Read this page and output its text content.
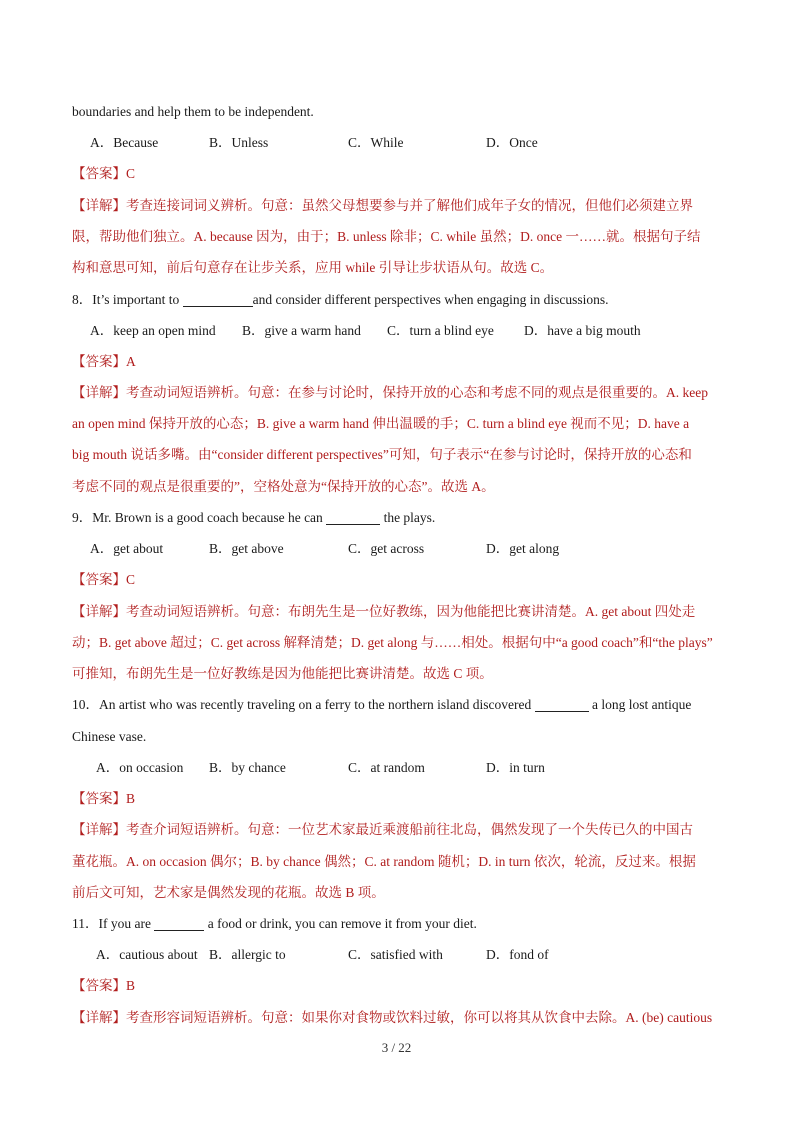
boundaries and help them to be independent.
A．Because	B．Unless	C．While	D．Once
【答案】C
【详解】考查连接词词义辨析。句意：虽然父母想要参与并了解他们成年子女的情况，但他们必须建立界
限，帮助他们独立。A. because 因为，由于；B. unless 除非；C. while 虽然；D. once 一……就。根据句子结
构和意思可知，前后句意存在让步关系，应用 while 引导让步状语从句。故选 C。
8．It’s important to	and consider different perspectives when engaging in discussions.
A．keep an open mind B．give a warm hand C．turn a blind eye D．have a big mouth
【答案】A
【详解】考查动词短语辨析。句意：在参与讨论时，保持开放的心态和考虑不同的观点是很重要的。A. keep
an open mind 保持开放的心态；B. give a warm hand 伸出温暖的手；C. turn a blind eye 视而不见；D. have a
big mouth 说话多嘴。由“consider different perspectives”可知，句子表示“在参与讨论时，保持开放的心态和
考虑不同的观点是很重要的”，空格处意为“保持开放的心态”。故选 A。
9．Mr. Brown is a good coach because he can	the plays.
A．get about	B．get above	C．get across	D．get along
【答案】C
【详解】考查动词短语辨析。句意：布朗先生是一位好教练，因为他能把比赛讲清楚。A. get about 四处走
动；B. get above 超过；C. get across 解释清楚；D. get along 与……相处。根据句中“a good coach”和“the plays”
可推知，布朗先生是一位好教练是因为他能把比赛讲清楚。故选 C 项。
10．An artist who was recently traveling on a ferry to the northern island discovered	a long lost antique
Chinese vase.
A．on occasion B．by chance	C．at random	D．in turn
【答案】B
【详解】考查介词短语辨析。句意：一位艺术家最近乘渡船前往北岛，偶然发现了一个失传已久的中国古
董花瓶。A. on occasion 偶尔；B. by chance 偶然；C. at random 随机；D. in turn 依次，轮流，反过来。根据
前后文可知，艺术家是偶然发现的花瓶。故选 B 项。
11．If you are	a food or drink, you can remove it from your diet.
A．cautious about B．allergic to	C．satisfied with	D．fond of
【答案】B
【详解】考查形容词短语辨析。句意：如果你对食物或饮料过敏，你可以将其从饮食中去除。A. (be) cautious
3 / 22
